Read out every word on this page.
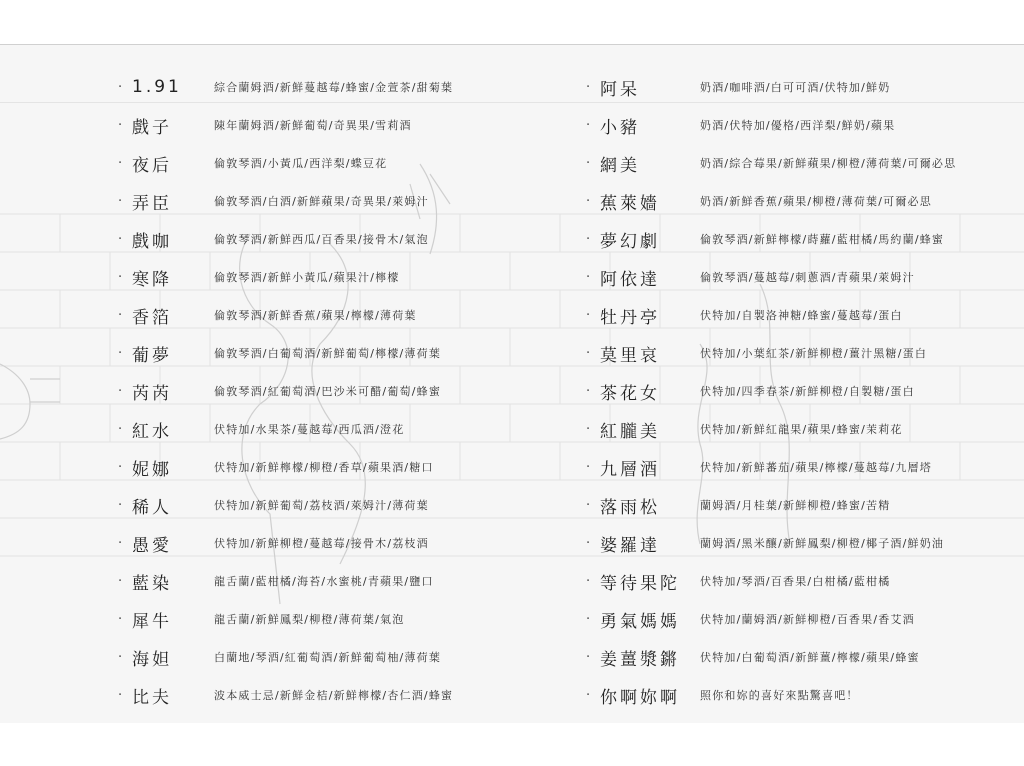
· 1.91	綜合蘭姆酒/新鮮蔓越莓/蜂蜜/金萱茶/甜菊葉
· 戲子	陳年蘭姆酒/新鮮葡萄/奇異果/雪莉酒
· 夜后	倫敦琴酒/小黃瓜/西洋梨/蝶豆花
· 弄臣	倫敦琴酒/白酒/新鮮蘋果/奇異果/萊姆汁
· 戲咖	倫敦琴酒/新鮮西瓜/百香果/接骨木/氣泡
· 寒降	倫敦琴酒/新鮮小黃瓜/蘋果汁/檸檬
· 香箔	倫敦琴酒/新鮮香蕉/蘋果/檸檬/薄荷葉
· 葡夢	倫敦琴酒/白葡萄酒/新鮮葡萄/檸檬/薄荷葉
· 芮芮	倫敦琴酒/紅葡萄酒/巴沙米可醋/葡萄/蜂蜜
· 紅水	伏特加/水果茶/蔓越莓/西瓜酒/澄花
· 妮娜	伏特加/新鮮檸檬/柳橙/香草/蘋果酒/糖口
· 稀人	伏特加/新鮮葡萄/荔枝酒/萊姆汁/薄荷葉
· 愚愛	伏特加/新鮮柳橙/蔓越莓/接骨木/荔枝酒
· 藍染	龍舌蘭/藍柑橘/海苔/水蜜桃/青蘋果/鹽口
· 犀牛	龍舌蘭/新鮮鳳梨/柳橙/薄荷葉/氣泡
· 海妲	白蘭地/琴酒/紅葡萄酒/新鮮葡萄柚/薄荷葉
· 比夫	波本威士忌/新鮮金桔/新鮮檸檬/杏仁酒/蜂蜜
· 阿呆	奶酒/咖啡酒/白可可酒/伏特加/鮮奶
· 小豬	奶酒/伏特加/優格/西洋梨/鮮奶/蘋果
· 網美	奶酒/綜合莓果/新鮮蘋果/柳橙/薄荷葉/可爾必思
· 蕉萊嬙	奶酒/新鮮香蕉/蘋果/柳橙/薄荷葉/可爾必思
· 夢幻劇	倫敦琴酒/新鮮檸檬/蒔蘿/藍柑橘/馬約蘭/蜂蜜
· 阿依達	倫敦琴酒/蔓越莓/刺蔥酒/青蘋果/萊姆汁
· 牡丹亭	伏特加/自製洛神糖/蜂蜜/蔓越莓/蛋白
· 莫里哀	伏特加/小葉紅茶/新鮮柳橙/薑汁黑糖/蛋白
· 茶花女	伏特加/四季春茶/新鮮柳橙/自製糖/蛋白
· 紅朧美	伏特加/新鮮紅龍果/蘋果/蜂蜜/茉莉花
· 九層酒	伏特加/新鮮蕃茄/蘋果/檸檬/蔓越莓/九層塔
· 落雨松	蘭姆酒/月桂葉/新鮮柳橙/蜂蜜/苦精
· 婆羅達	蘭姆酒/黑米釀/新鮮鳳梨/柳橙/椰子酒/鮮奶油
· 等待果陀	伏特加/琴酒/百香果/白柑橘/藍柑橘
· 勇氣媽媽	伏特加/蘭姆酒/新鮮柳橙/百香果/香艾酒
· 姜薑漿鏘	伏特加/白葡萄酒/新鮮薑/檸檬/蘋果/蜂蜜
· 你啊妳啊	照你和妳的喜好來點驚喜吧！
